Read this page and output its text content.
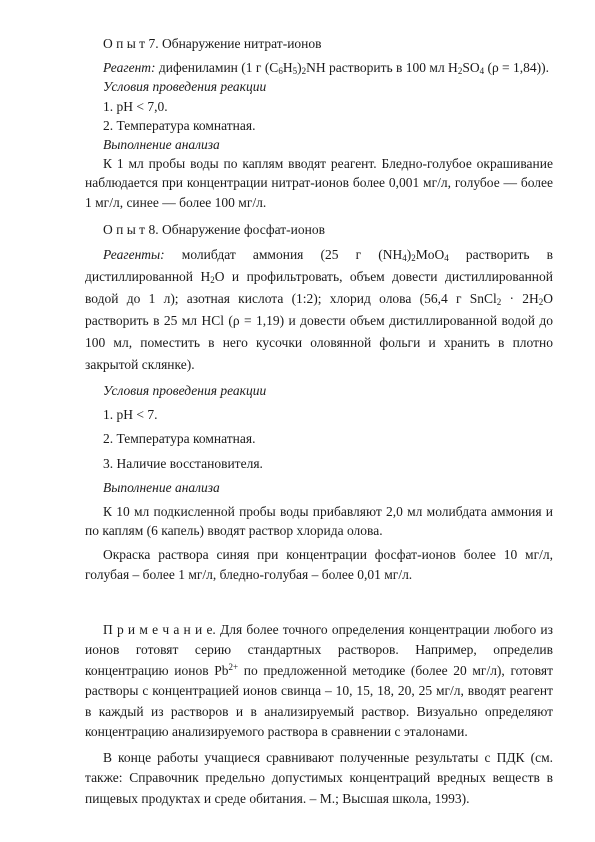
О п ы т 7. Обнаружение нитрат-ионов

Реагент: дифениламин (1 г $(C_6H_5)_2NH$ растворить в 100 мл $H_2SO_4$ (ρ = 1,84)).

Условия проведения реакции

1. pH < 7,0.

2. Температура комнатная.

Выполнение анализа

К 1 мл пробы воды по каплям вводят реагент. Бледно-голубое окрашивание наблюдается при концентрации нитрат-ионов более 0,001 мг/л, голубое — более 1 мг/л, синее — более 100 мг/л.

О п ы т 8. Обнаружение фосфат-ионов

Реагенты: молибдат аммония (25 г $(NH_4)_2MoO_4$ растворить в дистиллированной $H_2O$ и профильтровать, объем довести дистиллированной водой до 1 л); азотная кислота (1:2); хлорид олова (56,4 г SnCl$_2$ · $2H_2O$ растворить в 25 мл HCl (ρ = 1,19) и довести объем дистиллированной водой до 100 мл, поместить в него кусочки оловянной фольги и хранить в плотно закрытой склянке).

Условия проведения реакции

1. pH < 7.

2. Температура комнатная.

3. Наличие восстановителя.

Выполнение анализа

К 10 мл подкисленной пробы воды прибавляют 2,0 мл молибдата аммония и по каплям (6 капель) вводят раствор хлорида олова.

Окраска раствора синяя при концентрации фосфат-ионов более 10 мг/л, голубая – более 1 мг/л, бледно-голубая – более 0,01 мг/л.

П р и м е ч а н и е. Для более точного определения концентрации любого из ионов готовят серию стандартных растворов. Например, определив концентрацию ионов $Pb^{2+}$ по предложенной методике (более 20 мг/л), готовят растворы с концентрацией ионов свинца – 10, 15, 18, 20, 25 мг/л, вводят реагент в каждый из растворов и в анализируемый раствор. Визуально определяют концентрацию анализируемого раствора в сравнении с эталонами.

В конце работы учащиеся сравнивают полученные результаты с ПДК (см. также: Справочник предельно допустимых концентраций вредных веществ в пищевых продуктах и среде обитания. – М.; Высшая школа, 1993).
